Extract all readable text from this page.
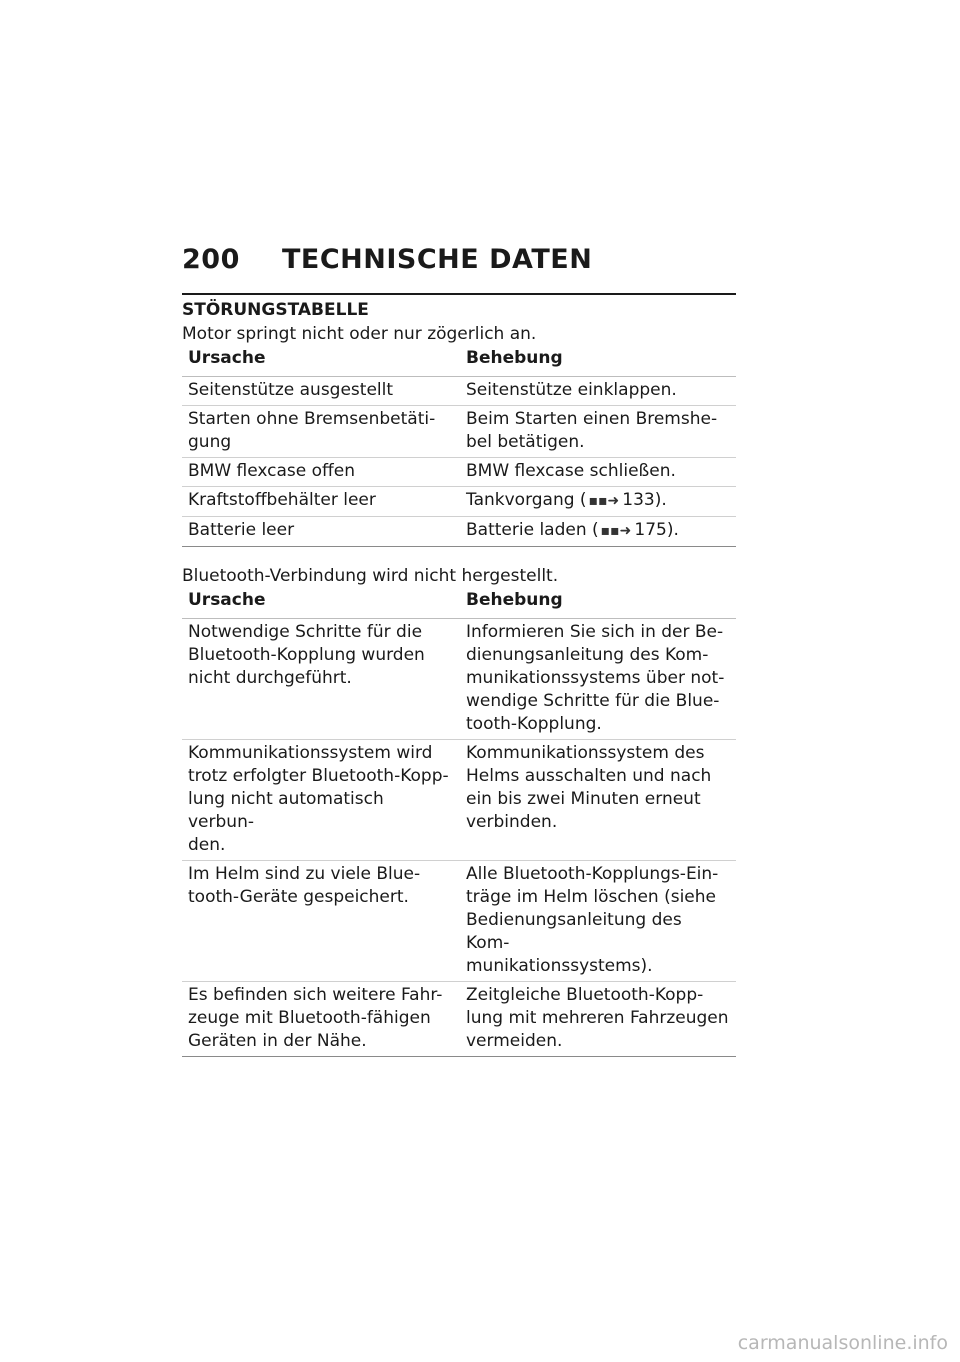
200	TECHNISCHE DATEN
STÖRUNGSTABELLE
Motor springt nicht oder nur zögerlich an.
Ursache	Behebung
Seitenstütze ausgestellt	Seitenstütze einklappen.
Starten ohne Bremsenbetäti-
gung	Beim Starten einen Bremshe-
bel betätigen.
BMW flexcase offen	BMW flexcase schließen.
Kraftstoffbehälter leer	Tankvorgang ( ▪▪➜ 133).
Batterie leer	Batterie laden ( ▪▪➜ 175).
Bluetooth-Verbindung wird nicht hergestellt.
Ursache	Behebung
Notwendige Schritte für die
Bluetooth-Kopplung wurden
nicht durchgeführt.	Informieren Sie sich in der Be-
dienungsanleitung des Kom-
munikationssystems über not-
wendige Schritte für die Blue-
tooth-Kopplung.
Kommunikationssystem wird
trotz erfolgter Bluetooth-Kopp-
lung nicht automatisch verbun-
den.	Kommunikationssystem des
Helms ausschalten und nach
ein bis zwei Minuten erneut
verbinden.
Im Helm sind zu viele Blue-
tooth-Geräte gespeichert.	Alle Bluetooth-Kopplungs-Ein-
träge im Helm löschen (siehe
Bedienungsanleitung des Kom-
munikationssystems).
Es befinden sich weitere Fahr-
zeuge mit Bluetooth-fähigen
Geräten in der Nähe.	Zeitgleiche Bluetooth-Kopp-
lung mit mehreren Fahrzeugen
vermeiden.
carmanualsonline.info
